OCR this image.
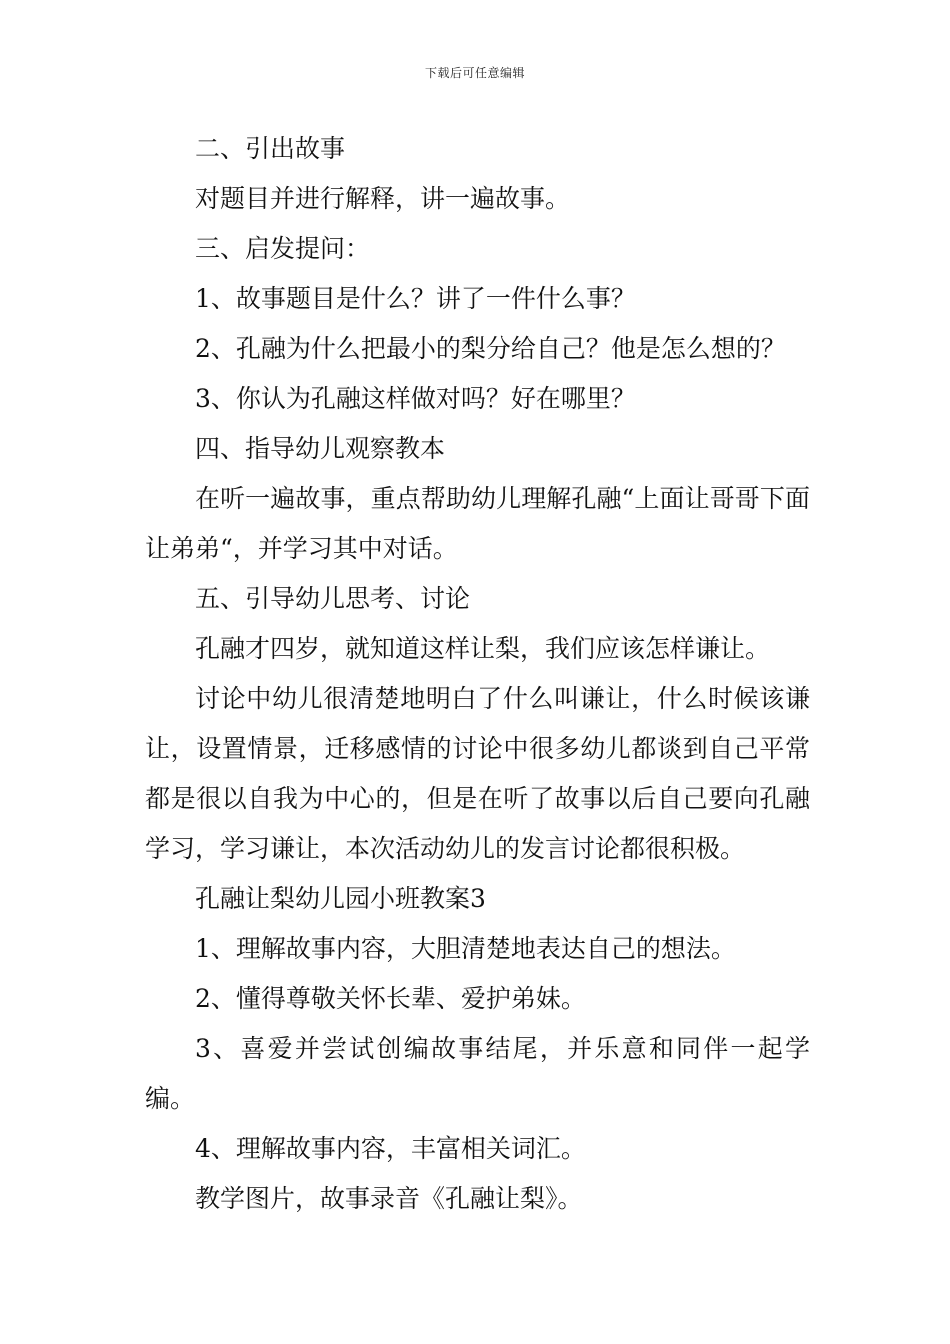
下载后可任意编辑

二、引出故事

对题目并进行解释，讲一遍故事。

三、启发提问：

1、故事题目是什么？讲了一件什么事？

2、孔融为什么把最小的梨分给自己？他是怎么想的？

3、你认为孔融这样做对吗？好在哪里？

四、指导幼儿观察教本

在听一遍故事，重点帮助幼儿理解孔融“上面让哥哥下面让弟弟“，并学习其中对话。

五、引导幼儿思考、讨论

孔融才四岁，就知道这样让梨，我们应该怎样谦让。

讨论中幼儿很清楚地明白了什么叫谦让，什么时候该谦让，设置情景，迁移感情的讨论中很多幼儿都谈到自己平常都是很以自我为中心的，但是在听了故事以后自己要向孔融学习，学习谦让，本次活动幼儿的发言讨论都很积极。

孔融让梨幼儿园小班教案3

1、理解故事内容，大胆清楚地表达自己的想法。

2、懂得尊敬关怀长辈、爱护弟妹。

3、喜爱并尝试创编故事结尾，并乐意和同伴一起学编。

4、理解故事内容，丰富相关词汇。

教学图片，故事录音《孔融让梨》。
